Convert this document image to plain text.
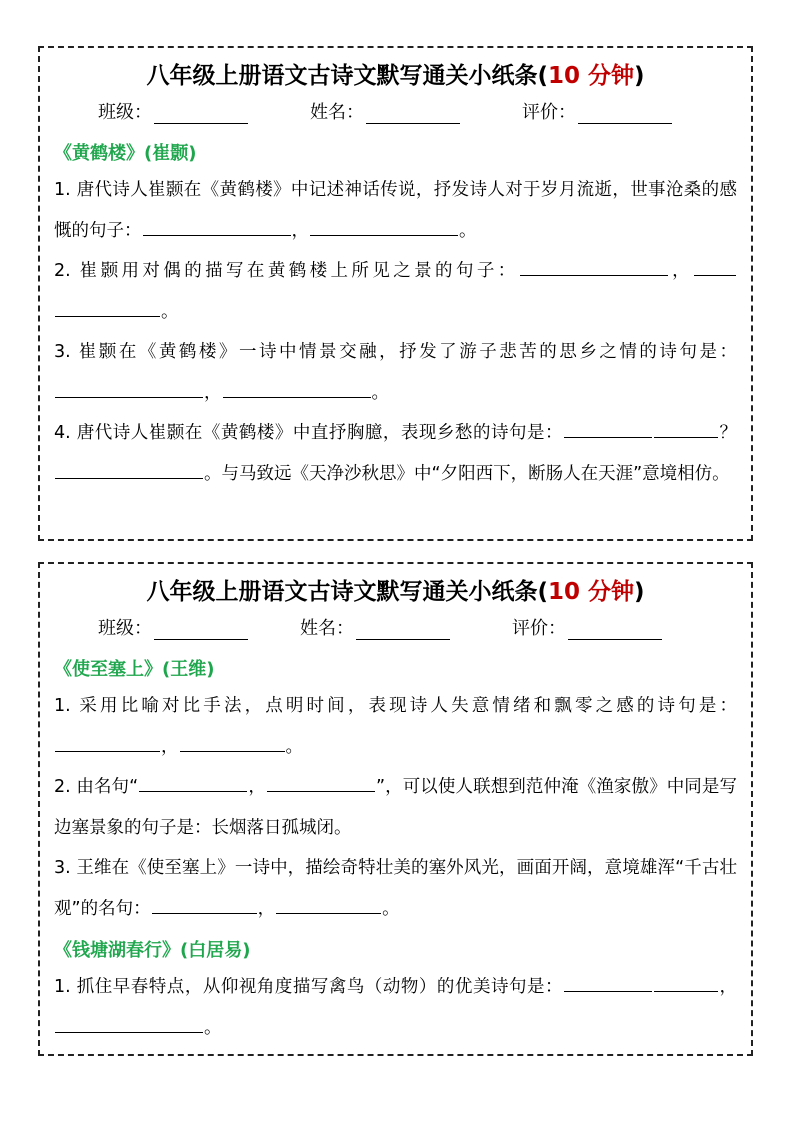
八年级上册语文古诗文默写通关小纸条(10 分钟)
班级：	姓名：	评价：
《黄鹤楼》(崔颢)

1. 唐代诗人崔颢在《黄鹤楼》中记述神话传说，抒发诗人对于岁月流逝，世事沧桑的感慨的句子：	，	。

2. 崔颢用对偶的描写在黄鹤楼上所见之景的句子：	，。

3. 崔颢在《黄鹤楼》一诗中情景交融，抒发了游子悲苦的思乡之情的诗句是：，	。

4. 唐代诗人崔颢在《黄鹤楼》中直抒胸臆，表现乡愁的诗句是：	？。与马致远《天净沙秋思》中“夕阳西下，断肠人在天涯”意境相仿。

八年级上册语文古诗文默写通关小纸条(10 分钟)
班级：	姓名：	评价：
《使至塞上》(王维)

1. 采用比喻对比手法，点明时间，表现诗人失意情绪和飘零之感的诗句是：，	。

2. 由名句“	，	”，可以使人联想到范仲淹《渔家傲》中同是写边塞景象的句子是：长烟落日孤城闭。

3. 王维在《使至塞上》一诗中，描绘奇特壮美的塞外风光，画面开阔，意境雄浑“千古壮观”的名句：	，	。

《钱塘湖春行》(白居易)

1. 抓住早春特点，从仰视角度描写禽鸟（动物）的优美诗句是：	，。
